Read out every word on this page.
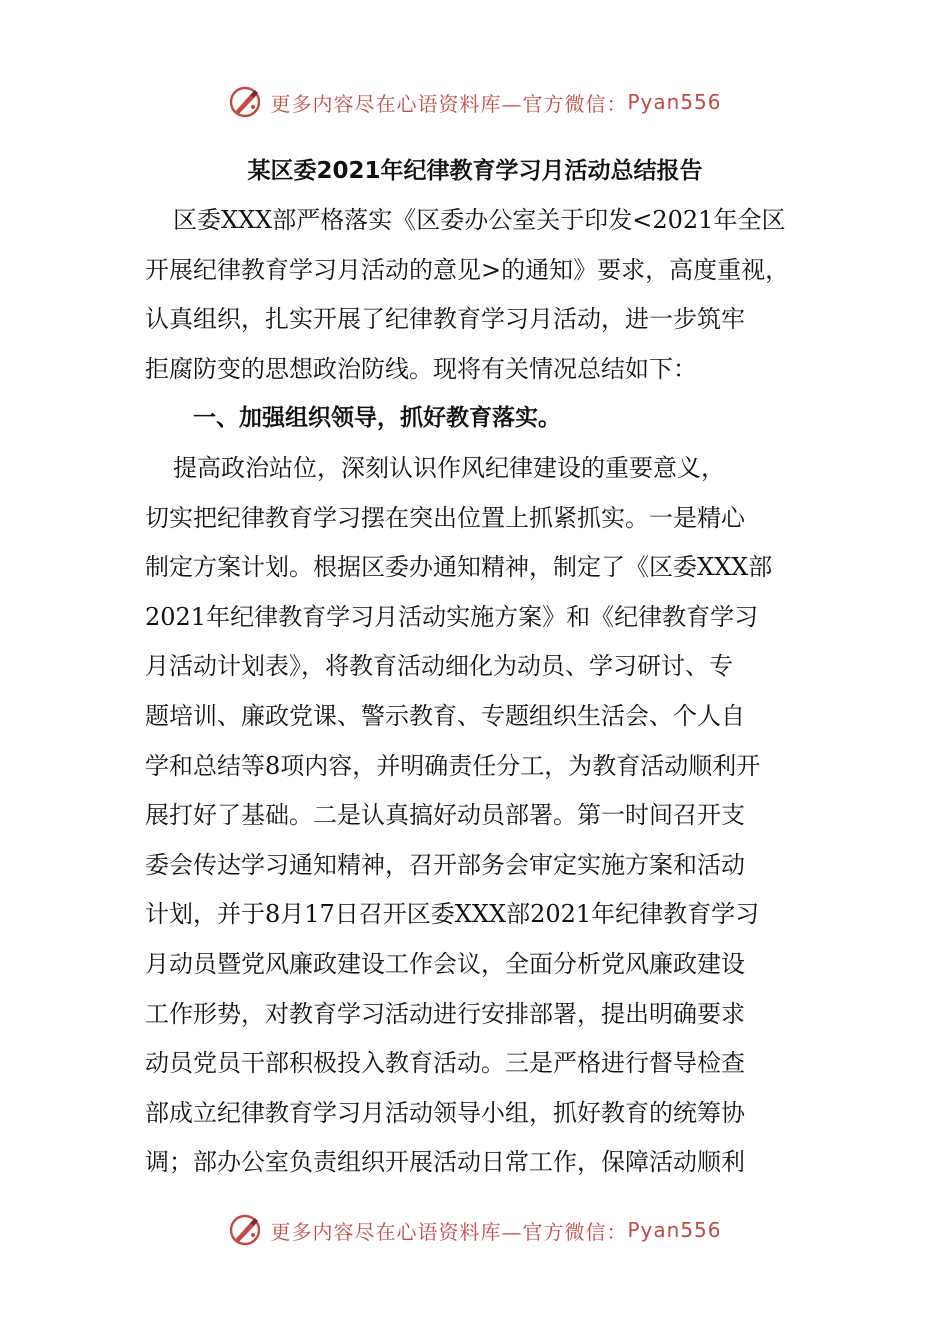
更多内容尽在心语资料库—官方微信： Pyan556
某区委2021年纪律教育学习月活动总结报告
区委XXX部严格落实《区委办公室关于印发<2021年全区
开展纪律教育学习月活动的意见>的通知》要求，高度重视，
认真组织，扎实开展了纪律教育学习月活动，进一步筑牢
拒腐防变的思想政治防线。现将有关情况总结如下：
一、加强组织领导，抓好教育落实。
提高政治站位，深刻认识作风纪律建设的重要意义，
切实把纪律教育学习摆在突出位置上抓紧抓实。一是精心
制定方案计划。根据区委办通知精神，制定了《区委XXX部
2021年纪律教育学习月活动实施方案》和《纪律教育学习
月活动计划表》，将教育活动细化为动员、学习研讨、专
题培训、廉政党课、警示教育、专题组织生活会、个人自
学和总结等8项内容，并明确责任分工，为教育活动顺利开
展打好了基础。二是认真搞好动员部署。第一时间召开支
委会传达学习通知精神，召开部务会审定实施方案和活动
计划，并于8月17日召开区委XXX部2021年纪律教育学习
月动员暨党风廉政建设工作会议，全面分析党风廉政建设
工作形势，对教育学习活动进行安排部署，提出明确要求
动员党员干部积极投入教育活动。三是严格进行督导检查
部成立纪律教育学习月活动领导小组，抓好教育的统筹协
调；部办公室负责组织开展活动日常工作，保障活动顺利
更多内容尽在心语资料库—官方微信： Pyan556
